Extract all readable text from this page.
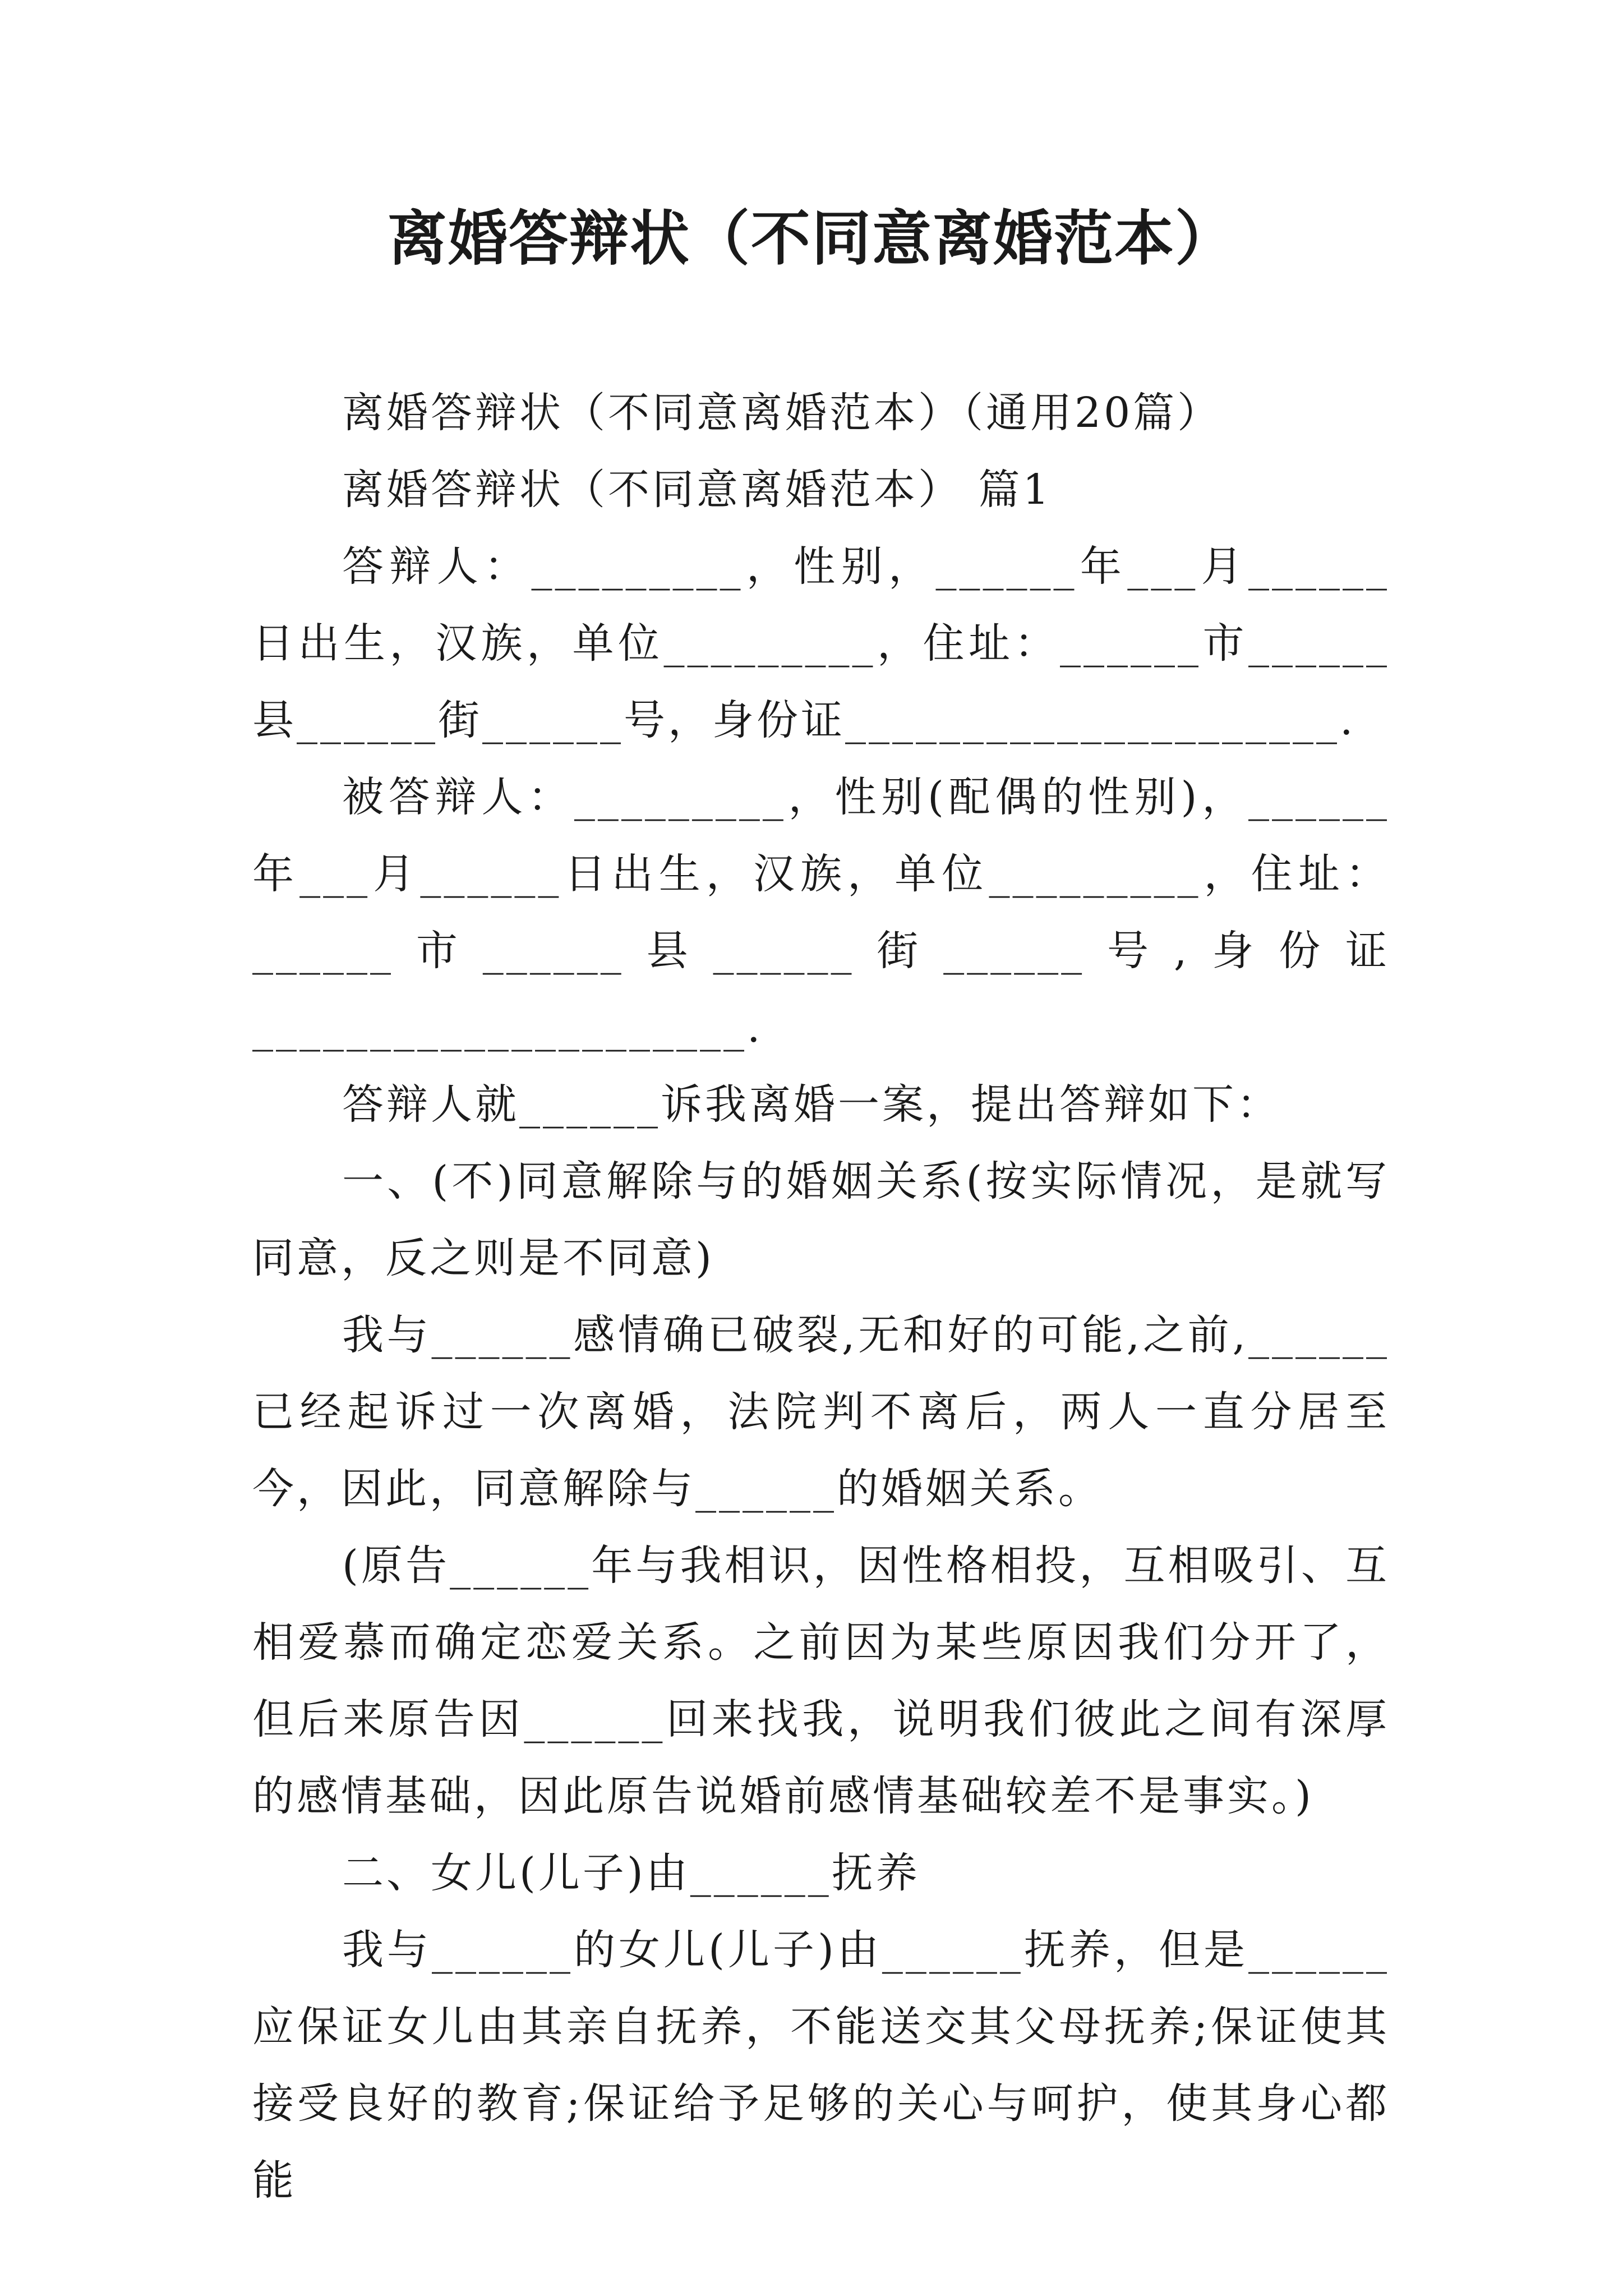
离婚答辩状（不同意离婚范本）

离婚答辩状（不同意离婚范本）（通用20篇）

离婚答辩状（不同意离婚范本） 篇1

答辩人：_________，性别，______年___月______日出生，汉族，单位_________，住址：______市______县______街______号，身份证_____________________.

被答辩人：_________，性别(配偶的性别)，______年___月______日出生，汉族，单位_________，住址：______市______县______街______号,身份证_____________________.

答辩人就______诉我离婚一案，提出答辩如下：

一、(不)同意解除与的婚姻关系(按实际情况，是就写同意，反之则是不同意)

我与______感情确已破裂,无和好的可能,之前,______已经起诉过一次离婚，法院判不离后，两人一直分居至今，因此，同意解除与______的婚姻关系。

(原告______年与我相识，因性格相投，互相吸引、互相爱慕而确定恋爱关系。之前因为某些原因我们分开了，但后来原告因______回来找我，说明我们彼此之间有深厚的感情基础，因此原告说婚前感情基础较差不是事实。)

二、女儿(儿子)由______抚养

我与______的女儿(儿子)由______抚养，但是______应保证女儿由其亲自抚养，不能送交其父母抚养;保证使其接受良好的教育;保证给予足够的关心与呵护，使其身心都能
